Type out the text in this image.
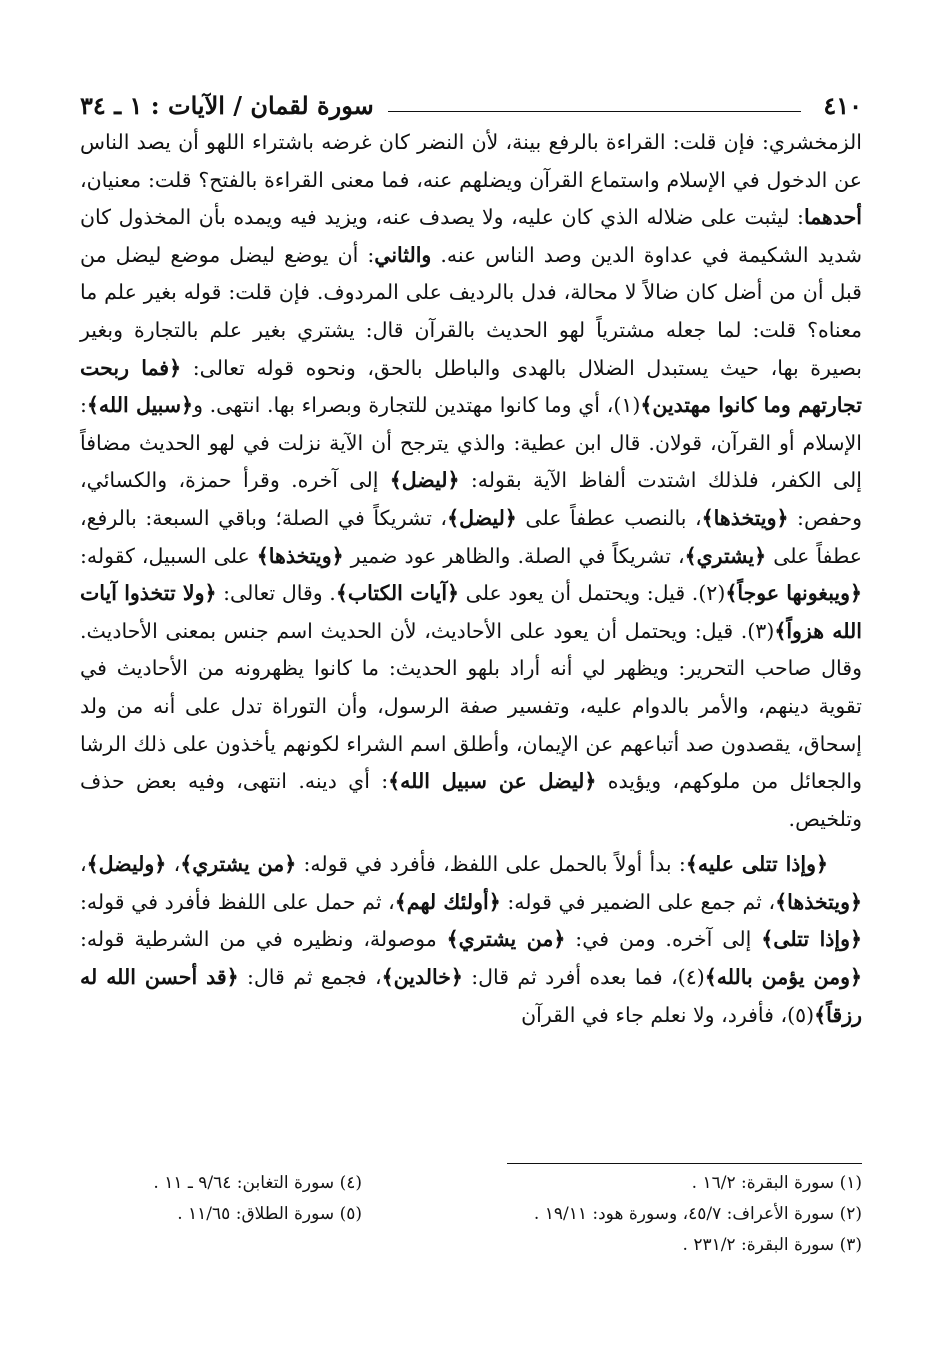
٤١٠
سورة لقمان / الآيات : ١ ـ ٣٤

الزمخشري: فإن قلت: القراءة بالرفع بينة، لأن النضر كان غرضه باشتراء اللهو أن يصد الناس عن الدخول في الإسلام واستماع القرآن ويضلهم عنه، فما معنى القراءة بالفتح؟ قلت: معنيان، أحدهما: ليثبت على ضلاله الذي كان عليه، ولا يصدف عنه، ويزيد فيه ويمده بأن المخذول كان شديد الشكيمة في عداوة الدين وصد الناس عنه. والثاني: أن يوضع ليضل موضع ليضل من قبل أن من أضل كان ضالاً لا محالة، فدل بالرديف على المردوف. فإن قلت: قوله بغير علم ما معناه؟ قلت: لما جعله مشترياً لهو الحديث بالقرآن قال: يشتري بغير علم بالتجارة وبغير بصيرة بها، حيث يستبدل الضلال بالهدى والباطل بالحق، ونحوه قوله تعالى: ﴿فما ربحت تجارتهم وما كانوا مهتدين﴾(١)، أي وما كانوا مهتدين للتجارة وبصراء بها. انتهى. و﴿سبيل الله﴾: الإسلام أو القرآن، قولان. قال ابن عطية: والذي يترجح أن الآية نزلت في لهو الحديث مضافاً إلى الكفر، فلذلك اشتدت ألفاظ الآية بقوله: ﴿ليضل﴾ إلى آخره. وقرأ حمزة، والكسائي، وحفص: ﴿ويتخذها﴾، بالنصب عطفاً على ﴿ليضل﴾، تشريكاً في الصلة؛ وباقي السبعة: بالرفع، عطفاً على ﴿يشتري﴾، تشريكاً في الصلة. والظاهر عود ضمير ﴿ويتخذها﴾ على السبيل، كقوله: ﴿ويبغونها عوجاً﴾(٢). قيل: ويحتمل أن يعود على ﴿آيات الكتاب﴾. وقال تعالى: ﴿ولا تتخذوا آيات الله هزواً﴾(٣). قيل: ويحتمل أن يعود على الأحاديث، لأن الحديث اسم جنس بمعنى الأحاديث. وقال صاحب التحرير: ويظهر لي أنه أراد بلهو الحديث: ما كانوا يظهرونه من الأحاديث في تقوية دينهم، والأمر بالدوام عليه، وتفسير صفة الرسول، وأن التوراة تدل على أنه من ولد إسحاق، يقصدون صد أتباعهم عن الإيمان، وأطلق اسم الشراء لكونهم يأخذون على ذلك الرشا والجعائل من ملوكهم، ويؤيده ﴿ليضل عن سبيل الله﴾: أي دينه. انتهى، وفيه بعض حذف وتلخيص.

﴿وإذا تتلى عليه﴾: بدأ أولاً بالحمل على اللفظ، فأفرد في قوله: ﴿من يشتري﴾، ﴿وليضل﴾، ﴿ويتخذها﴾، ثم جمع على الضمير في قوله: ﴿أولئك لهم﴾، ثم حمل على اللفظ فأفرد في قوله: ﴿وإذا تتلى﴾ إلى آخره. ومن في: ﴿من يشتري﴾ موصولة، ونظيره في من الشرطية قوله: ﴿ومن يؤمن بالله﴾(٤)، فما بعده أفرد ثم قال: ﴿خالدين﴾، فجمع ثم قال: ﴿قد أحسن الله له رزقاً﴾(٥)، فأفرد، ولا نعلم جاء في القرآن

(١) سورة البقرة: ١٦/٢ .
(٢) سورة الأعراف: ٤٥/٧، وسورة هود: ١٩/١١ .
(٣) سورة البقرة: ٢٣١/٢ .
(٤) سورة التغابن: ٩/٦٤ ـ ١١ .
(٥) سورة الطلاق: ١١/٦٥ .
